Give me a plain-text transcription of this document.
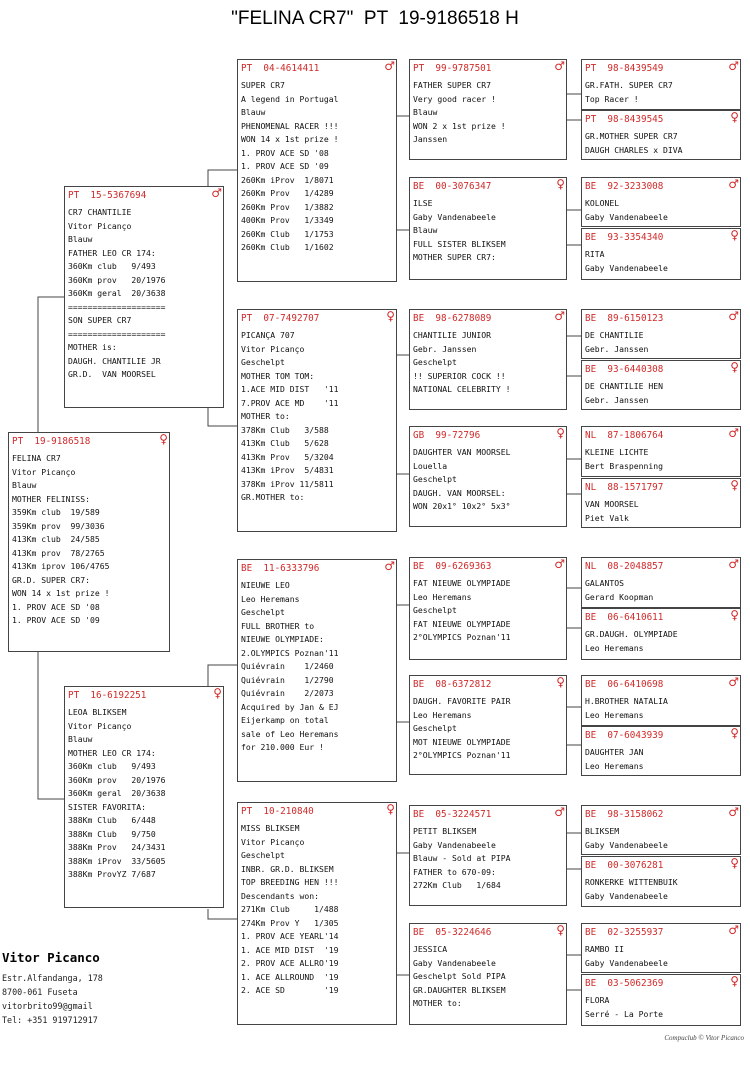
"FELINA CR7"  PT  19-9186518 H
PT  19-9186518	♀
FELINA CR7
Vitor Picanço
Blauw
MOTHER FELINISS:
359Km club  19/589
359Km prov  99/3036
413Km club  24/585
413Km prov  78/2765
413Km iprov 106/4765
GR.D. SUPER CR7:
WON 14 x 1st prize !
1. PROV ACE SD '08
1. PROV ACE SD '09
PT  15-5367694	♂
CR7 CHANTILIE
Vitor Picanço
Blauw
FATHER LEO CR 174:
360Km club   9/493
360Km prov   20/1976
360Km geral  20/3638
====================
SON SUPER CR7
====================
MOTHER is:
DAUGH. CHANTILIE JR
GR.D.  VAN MOORSEL
PT  16-6192251	♀
LEOA BLIKSEM
Vitor Picanço
Blauw
MOTHER LEO CR 174:
360Km club   9/493
360Km prov   20/1976
360Km geral  20/3638
SISTER FAVORITA:
388Km Club   6/448
388Km Club   9/750
388Km Prov   24/3431
388Km iProv  33/5605
388Km ProvYZ 7/687
PT  04-4614411	♂
SUPER CR7
A legend in Portugal
Blauw
PHENOMENAL RACER !!!
WON 14 x 1st prize !
1. PROV ACE SD '08
1. PROV ACE SD '09
260Km iProv  1/8071
260Km Prov   1/4289
260Km Prov   1/3882
400Km Prov   1/3349
260Km Club   1/1753
260Km Club   1/1602
PT  07-7492707	♀
PICANÇA 707
Vitor Picanço
Geschelpt
MOTHER TOM TOM:
1.ACE MID DIST   '11
7.PROV ACE MD    '11
MOTHER to:
378Km Club   3/588
413Km Club   5/628
413Km Prov   5/3204
413Km iProv  5/4831
378Km iProv 11/5811
GR.MOTHER to:
BE  11-6333796	♂
NIEUWE LEO
Leo Heremans
Geschelpt
FULL BROTHER to
NIEUWE OLYMPIADE:
2.OLYMPICS Poznan'11
Quiévrain    1/2460
Quiévrain    1/2790
Quiévrain    2/2073
Acquired by Jan & EJ
Eijerkamp on total
sale of Leo Heremans
for 210.000 Eur !
PT  10-210840	♀
MISS BLIKSEM
Vitor Picanço
Geschelpt
INBR. GR.D. BLIKSEM
TOP BREEDING HEN !!!
Descendants won:
271Km Club     1/488
274Km Prov Y   1/305
1. PROV ACE YEARL'14
1. ACE MID DIST  '19
2. PROV ACE ALLRO'19
1. ACE ALLROUND  '19
2. ACE SD        '19
PT  99-9787501	♂
FATHER SUPER CR7
Very good racer !
Blauw
WON 2 x 1st prize !
Janssen
BE  00-3076347	♀
ILSE
Gaby Vandenabeele
Blauw
FULL SISTER BLIKSEM
MOTHER SUPER CR7:
BE  98-6278089	♂
CHANTILIE JUNIOR
Gebr. Janssen
Geschelpt
!! SUPERIOR COCK !!
NATIONAL CELEBRITY !
GB  99-72796	♀
DAUGHTER VAN MOORSEL
Louella
Geschelpt
DAUGH. VAN MOORSEL:
WON 20x1° 10x2° 5x3°
BE  09-6269363	♂
FAT NIEUWE OLYMPIADE
Leo Heremans
Geschelpt
FAT NIEUWE OLYMPIADE
2°OLYMPICS Poznan'11
BE  08-6372812	♀
DAUGH. FAVORITE PAIR
Leo Heremans
Geschelpt
MOT NIEUWE OLYMPIADE
2°OLYMPICS Poznan'11
BE  05-3224571	♂
PETIT BLIKSEM
Gaby Vandenabeele
Blauw - Sold at PIPA
FATHER to 670-09:
272Km Club   1/684
BE  05-3224646	♀
JESSICA
Gaby Vandenabeele
Geschelpt Sold PIPA
GR.DAUGHTER BLIKSEM
MOTHER to:
PT  98-8439549	♂
GR.FATH. SUPER CR7
Top Racer !
PT  98-8439545	♀
GR.MOTHER SUPER CR7
DAUGH CHARLES x DIVA
BE  92-3233008	♂
KOLONEL
Gaby Vandenabeele
BE  93-3354340	♀
RITA
Gaby Vandenabeele
BE  89-6150123	♂
DE CHANTILIE
Gebr. Janssen
BE  93-6440308	♀
DE CHANTILIE HEN
Gebr. Janssen
NL  87-1806764	♂
KLEINE LICHTE
Bert Braspenning
NL  88-1571797	♀
VAN MOORSEL
Piet Valk
NL  08-2048857	♂
GALANTOS
Gerard Koopman
BE  06-6410611	♀
GR.DAUGH. OLYMPIADE
Leo Heremans
BE  06-6410698	♂
H.BROTHER NATALIA
Leo Heremans
BE  07-6043939	♀
DAUGHTER JAN
Leo Heremans
BE  98-3158062	♂
BLIKSEM
Gaby Vandenabeele
BE  00-3076281	♀
RONKERKE WITTENBUIK
Gaby Vandenabeele
BE  02-3255937	♂
RAMBO II
Gaby Vandenabeele
BE  03-5062369	♀
FLORA
Serré - La Porte
Vitor Picanco
Estr.Alfandanga, 178
8700-061 Fuseta
vitorbrito99@gmail
Tel: +351 919712917
Compuclub © Vitor Picanco
